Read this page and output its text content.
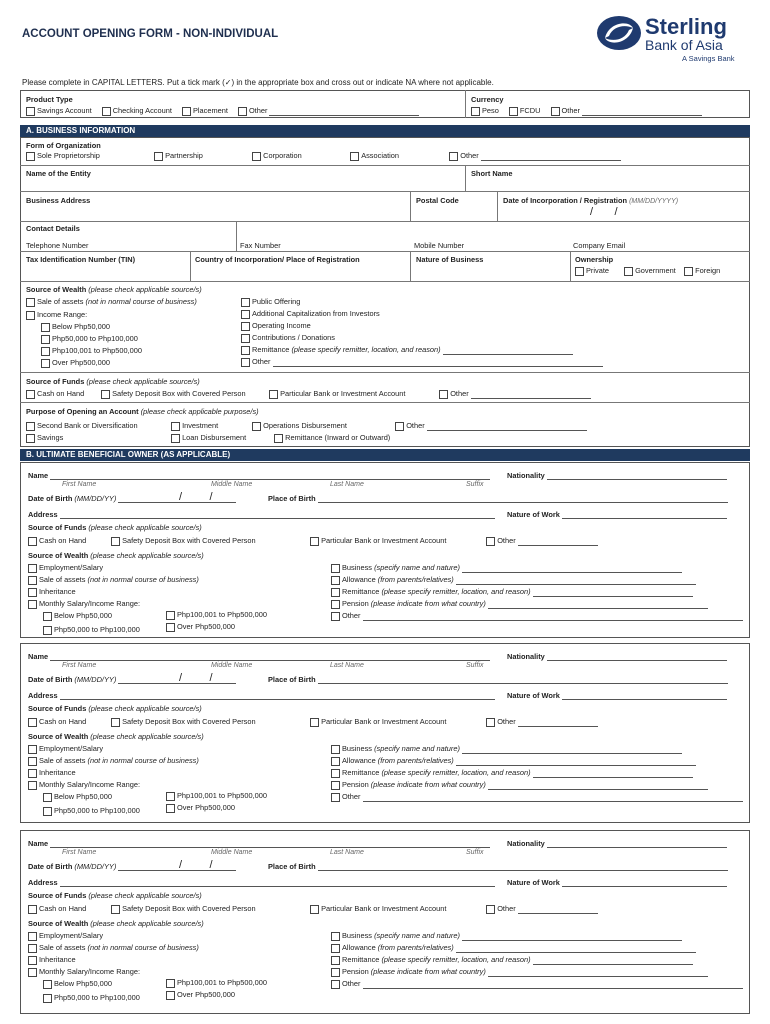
ACCOUNT OPENING FORM - NON-INDIVIDUAL	Sterling
Bank of Asia
A Savings Bank
Please complete in CAPITAL LETTERS. Put a tick mark (✓) in the appropriate box and cross out or indicate NA where not applicable.
Product Type
Savings Account	Checking Account	Placement	Other
Currency
Peso	FCDU	Other
A. BUSINESS INFORMATION
Form of Organization
Sole Proprietorship	Partnership	Corporation	Association	Other
Name of the Entity	Short Name
Business Address	Postal Code	Date of Incorporation / Registration (MM/DD/YYYY)
/       /
Contact Details
Telephone Number	Fax Number	Mobile Number	Company Email
Tax Identification Number (TIN)	Country of Incorporation/ Place of Registration	Nature of Business	Ownership
Private	Government	Foreign
Source of Wealth (please check applicable source/s)
Sale of assets (not in normal course of business)
Income Range:
Below Php50,000
Php50,000 to Php100,000
Php100,001 to Php500,000
Over Php500,000
Public Offering
Additional Capitalization from Investors
Operating Income
Contributions / Donations
Remittance (please specify remitter, location, and reason)
Other
Source of Funds (please check applicable source/s)
Cash on Hand	Safety Deposit Box with Covered Person	Particular Bank or Investment Account	Other
Purpose of Opening an Account (please check applicable purpose/s)
Second Bank or Diversification	Investment	Operations Disbursement	Other
Savings	Loan Disbursement	Remittance (Inward or Outward)
B. ULTIMATE BENEFICIAL OWNER (AS APPLICABLE)
Name	Nationality
First Name	Middle Name	Last Name	Suffix
Date of Birth (MM/DD/YY)	/         /	Place of Birth
Address	Nature of Work
Source of Funds (please check applicable source/s)
Cash on Hand	Safety Deposit Box with Covered Person	Particular Bank or Investment Account	Other
Source of Wealth (please check applicable source/s)
Employment/Salary
Sale of assets (not in normal course of business)
Inheritance
Monthly Salary/Income Range:
Below Php50,000	Php100,001 to Php500,000
Php50,000 to Php100,000	Over Php500,000
Business (specify name and nature)
Allowance (from parents/relatives)
Remittance (please specify remitter, location, and reason)
Pension (please indicate from what country)
Other
Name	Nationality
First Name	Middle Name	Last Name	Suffix
Date of Birth (MM/DD/YY)	/         /	Place of Birth
Address	Nature of Work
Source of Funds (please check applicable source/s)
Cash on Hand	Safety Deposit Box with Covered Person	Particular Bank or Investment Account	Other
Source of Wealth (please check applicable source/s)
Employment/Salary
Sale of assets (not in normal course of business)
Inheritance
Monthly Salary/Income Range:
Below Php50,000	Php100,001 to Php500,000
Php50,000 to Php100,000	Over Php500,000
Business (specify name and nature)
Allowance (from parents/relatives)
Remittance (please specify remitter, location, and reason)
Pension (please indicate from what country)
Other
Name	Nationality
First Name	Middle Name	Last Name	Suffix
Date of Birth (MM/DD/YY)	/         /	Place of Birth
Address	Nature of Work
Source of Funds (please check applicable source/s)
Cash on Hand	Safety Deposit Box with Covered Person	Particular Bank or Investment Account	Other
Source of Wealth (please check applicable source/s)
Employment/Salary
Sale of assets (not in normal course of business)
Inheritance
Monthly Salary/Income Range:
Below Php50,000	Php100,001 to Php500,000
Php50,000 to Php100,000	Over Php500,000
Business (specify name and nature)
Allowance (from parents/relatives)
Remittance (please specify remitter, location, and reason)
Pension (please indicate from what country)
Other
